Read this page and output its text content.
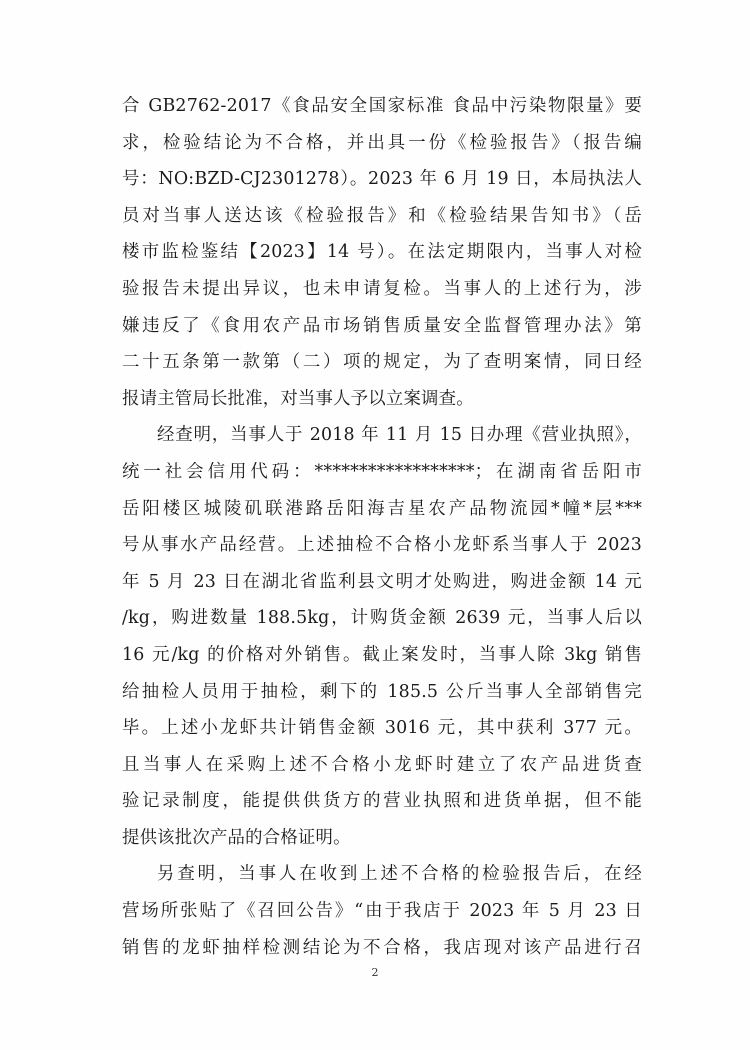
合 GB2762-2017《食品安全国家标准 食品中污染物限量》要
求，检验结论为不合格，并出具一份《检验报告》（报告编
号：NO:BZD-CJ2301278）。2023 年 6 月 19 日，本局执法人
员对当事人送达该《检验报告》和《检验结果告知书》（岳
楼市监检鉴结【2023】14 号）。在法定期限内，当事人对检
验报告未提出异议，也未申请复检。当事人的上述行为，涉
嫌违反了《食用农产品市场销售质量安全监督管理办法》第
二十五条第一款第（二）项的规定，为了查明案情，同日经
报请主管局长批准，对当事人予以立案调查。
经查明，当事人于 2018 年 11 月 15 日办理《营业执照》，
统一社会信用代码：******************；在湖南省岳阳市
岳阳楼区城陵矶联港路岳阳海吉星农产品物流园*幢*层***
号从事水产品经营。上述抽检不合格小龙虾系当事人于 2023
年 5 月 23 日在湖北省监利县文明才处购进，购进金额 14 元
/kg，购进数量 188.5kg，计购货金额 2639 元，当事人后以
16 元/kg 的价格对外销售。截止案发时，当事人除 3kg 销售
给抽检人员用于抽检，剩下的 185.5 公斤当事人全部销售完
毕。上述小龙虾共计销售金额 3016 元，其中获利 377 元。
且当事人在采购上述不合格小龙虾时建立了农产品进货查
验记录制度，能提供供货方的营业执照和进货单据，但不能
提供该批次产品的合格证明。
另查明，当事人在收到上述不合格的检验报告后，在经
营场所张贴了《召回公告》“由于我店于 2023 年 5 月 23 日
销售的龙虾抽样检测结论为不合格，我店现对该产品进行召
2
